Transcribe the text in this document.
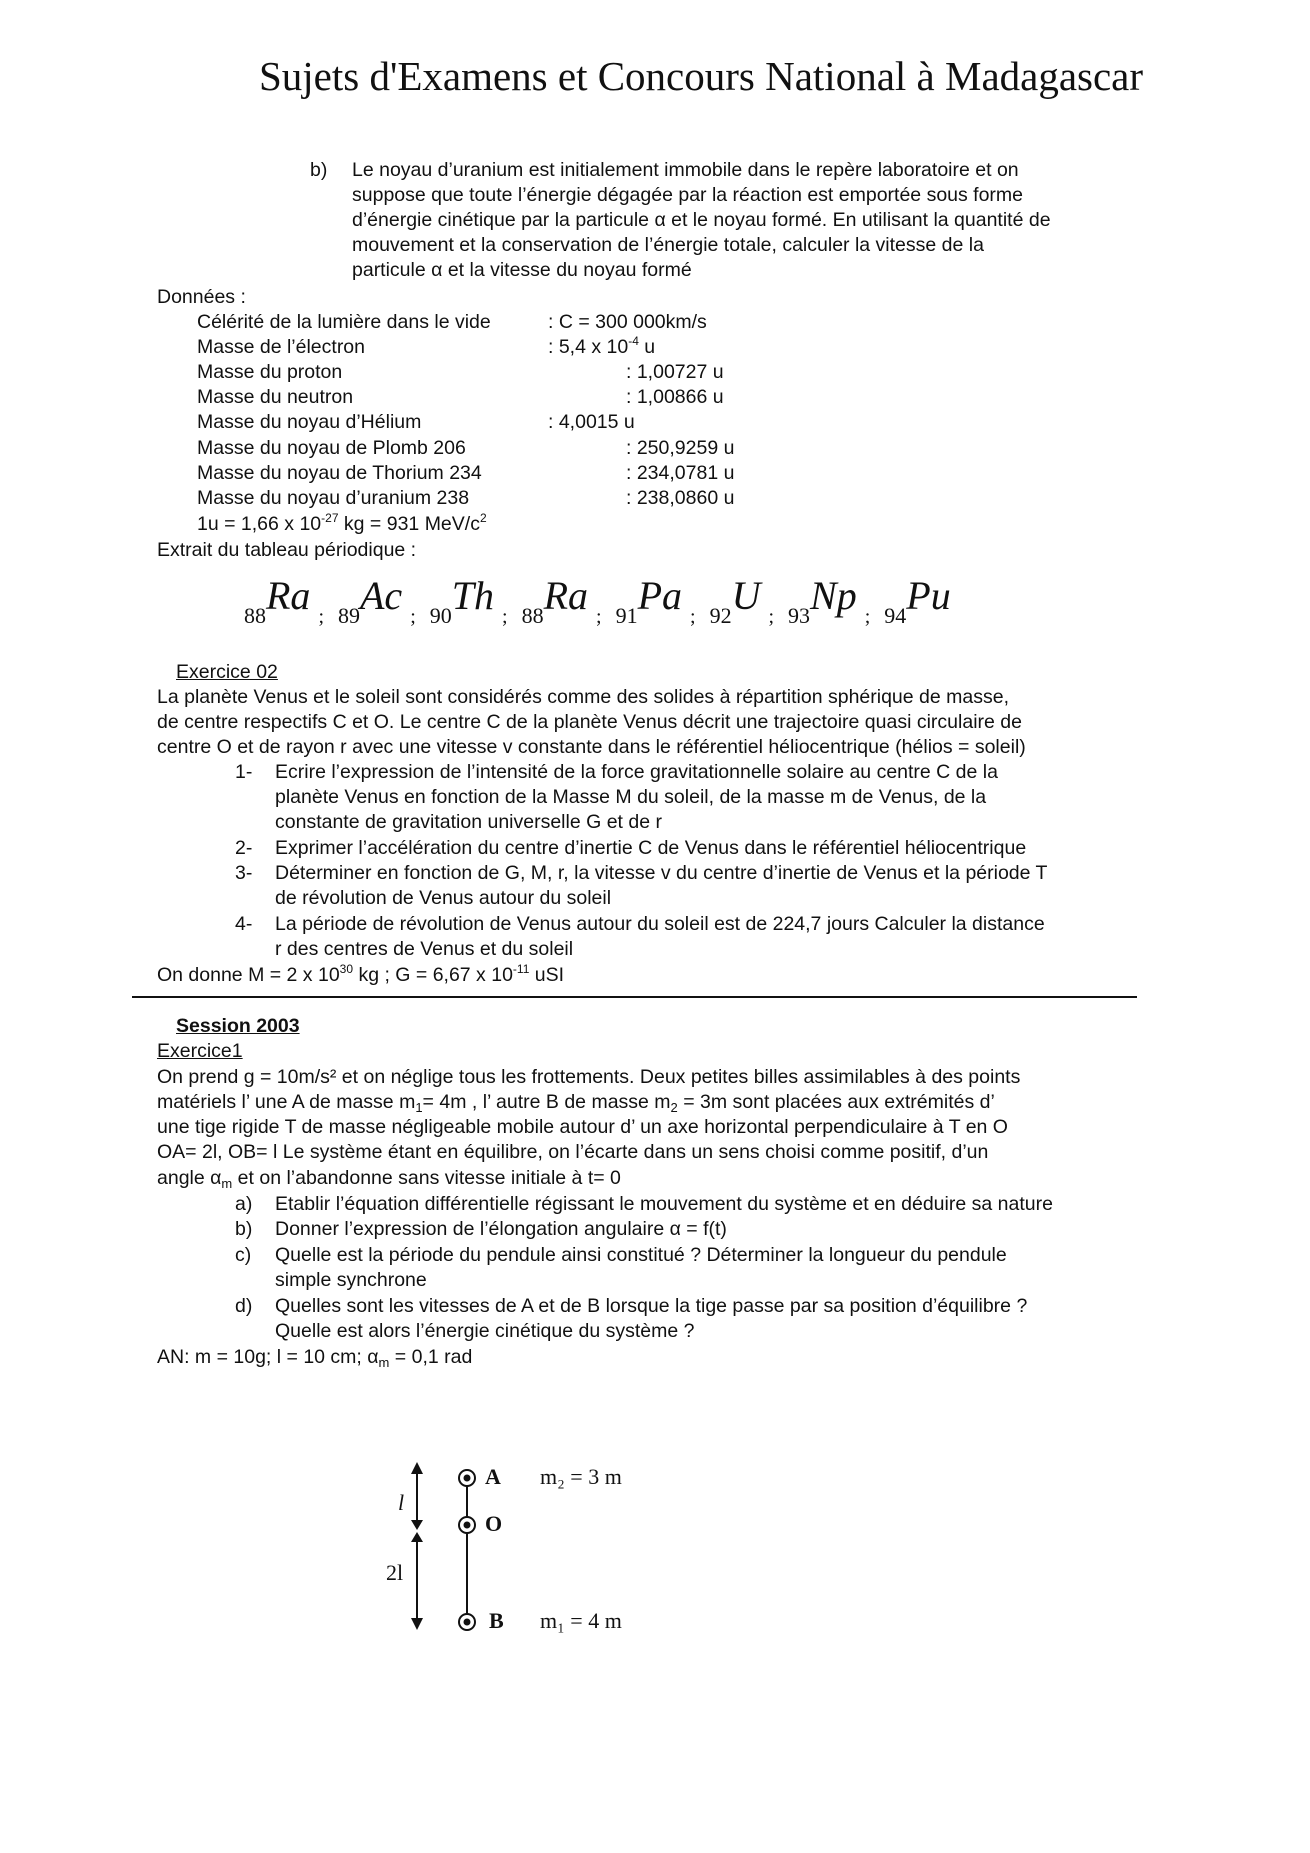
Sujets d'Examens et Concours National à Madagascar
b) Le noyau d’uranium est initialement immobile dans le repère laboratoire et on
suppose que toute l’énergie dégagée par la réaction est emportée sous forme
d’énergie cinétique par la particule α et le noyau formé. En utilisant la quantité de
mouvement et la conservation de l’énergie totale, calculer la vitesse de la
particule α et la vitesse du noyau formé
Données :
Célérité de la lumière dans le vide	: C = 300 000km/s
Masse de l’électron	: 5,4 x $10^{-4}$ u
Masse du proton	: 1,00727 u
Masse du neutron	: 1,00866 u
Masse du noyau d’Hélium	: 4,0015 u
Masse du noyau de Plomb 206	: 250,9259 u
Masse du noyau de Thorium 234	: 234,0781 u
Masse du noyau d’uranium 238	: 238,0860 u
1u = 1,66 x $10^{-27}$ kg = 931 MeV/$c^2$
Extrait du tableau périodique :
$_{88}$Ra $_;$ $_{89}$Ac $_;$ $_{90}$Th $_;$ $_{88}$Ra $_;$ $_{91}$Pa $_;$ $_{92}$U $_;$ $_{93}$Np $_;$ $_{94}$Pu
Exercice 02
La planète Venus et le soleil sont considérés comme des solides à répartition sphérique de masse,
de centre respectifs C et O. Le centre C de la planète Venus décrit une trajectoire quasi circulaire de
centre O et de rayon r avec une vitesse v constante dans le référentiel héliocentrique (hélios = soleil)
1- Ecrire l’expression de l’intensité de la force gravitationnelle solaire au centre C de la
planète Venus en fonction de la Masse M du soleil, de la masse m de Venus, de la
constante de gravitation universelle G et de r
2- Exprimer l’accélération du centre d’inertie C de Venus dans le référentiel héliocentrique
3- Déterminer en fonction de G, M, r, la vitesse v du centre d’inertie de Venus et la période T
de révolution de Venus autour du soleil
4- La période de révolution de Venus autour du soleil est de 224,7 jours Calculer la distance
r des centres de Venus et du soleil
On donne M = 2 x $10^{30}$ kg ; G = 6,67 x $10^{-11}$ uSI
Session 2003
Exercice1
On prend g = 10m/s² et on néglige tous les frottements. Deux petites billes assimilables à des points
matériels l’ une A de masse $m_1= 4m$ , l’ autre B de masse $m_2 = 3m$ sont placées aux extrémités d’
une tige rigide T de masse négligeable mobile autour d’ un axe horizontal perpendiculaire à T en O
OA= 2l, OB= l Le système étant en équilibre, on l’écarte dans un sens choisi comme positif, d’un
angle $\alpha_m$ et on l’abandonne sans vitesse initiale à t= 0
a) Etablir l’équation différentielle régissant le mouvement du système et en déduire sa nature
b) Donner l’expression de l’élongation angulaire α = f(t)
c) Quelle est la période du pendule ainsi constitué ? Déterminer la longueur du pendule
simple synchrone
d) Quelles sont les vitesses de A et de B lorsque la tige passe par sa position d’équilibre ?
Quelle est alors l’énergie cinétique du système ?
AN: m = 10g; l = 10 cm; $\alpha_m = 0,1$ rad
A
O
B
m₂ = 3 m
m₁ = 4 m
l
2l
